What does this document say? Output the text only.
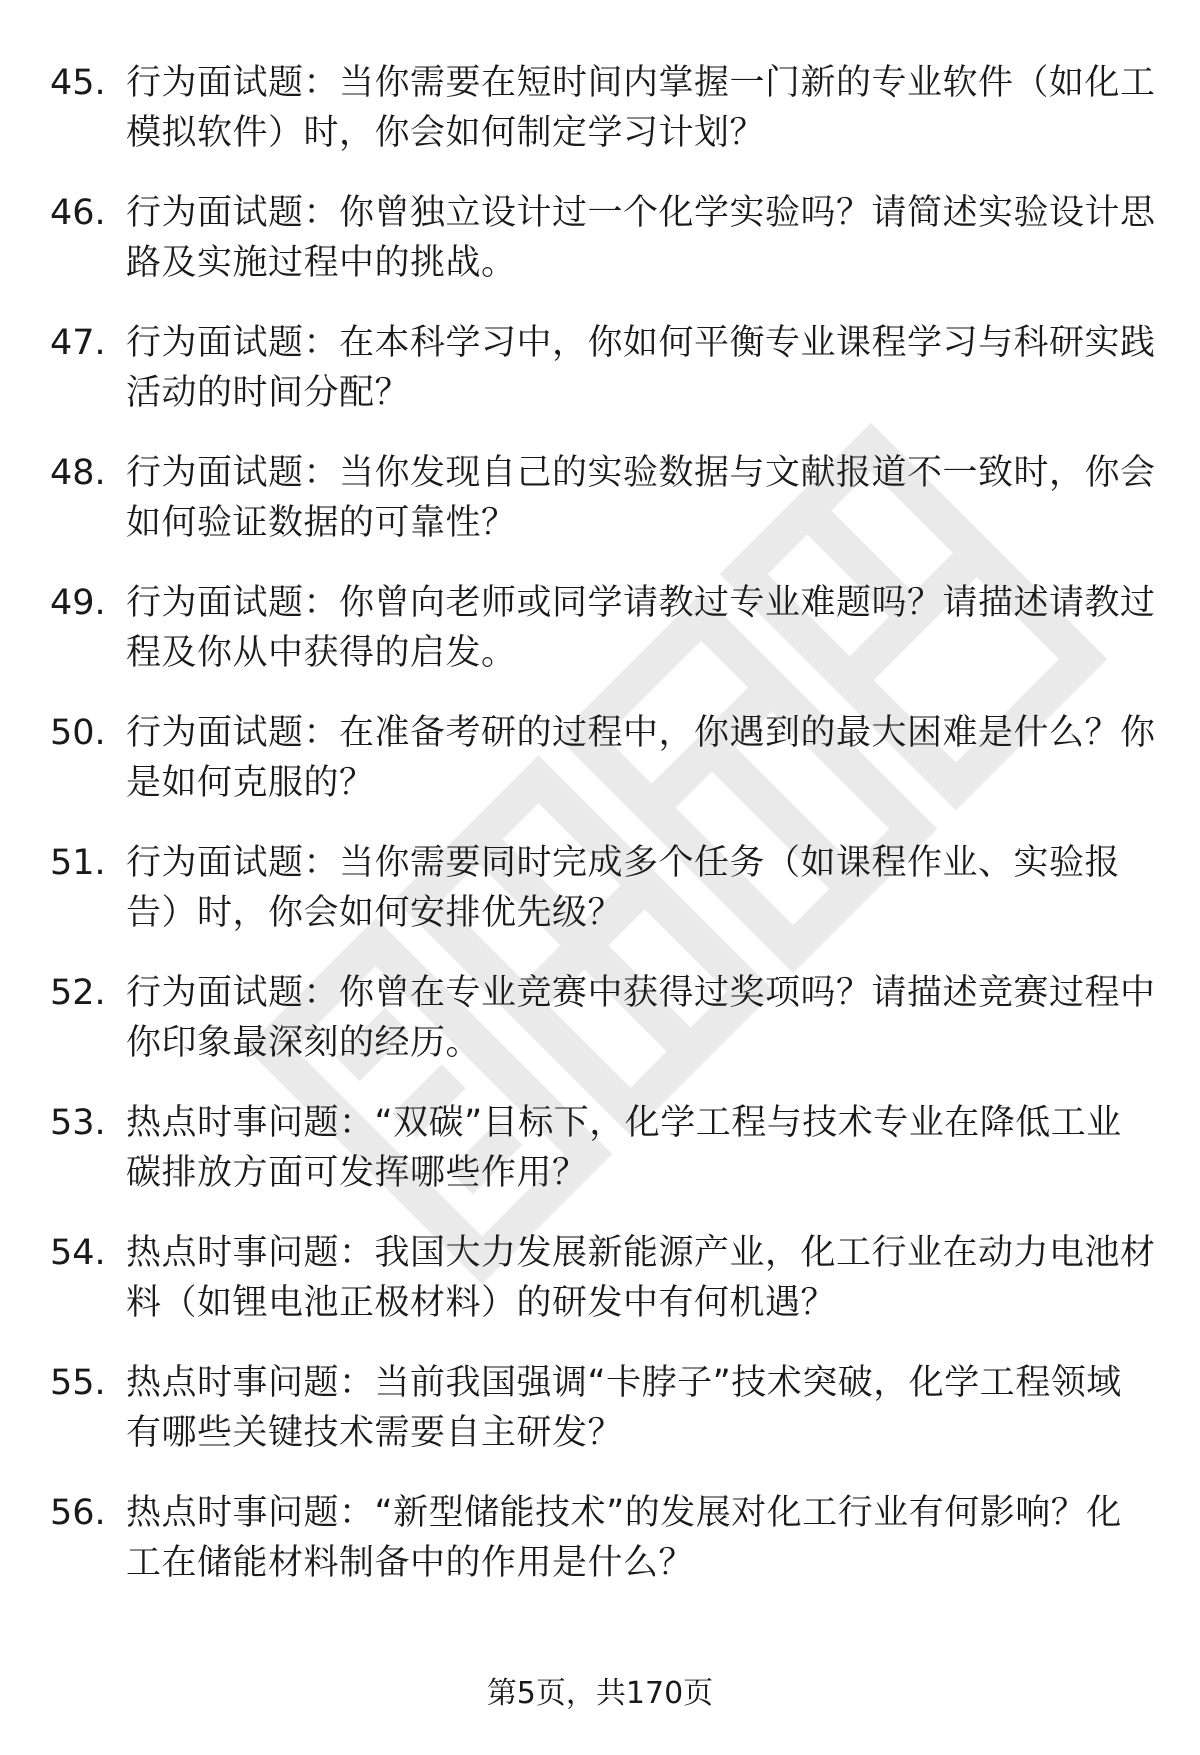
45. 行为面试题：当你需要在短时间内掌握一门新的专业软件（如化工模拟软件）时，你会如何制定学习计划？
46. 行为面试题：你曾独立设计过一个化学实验吗？请简述实验设计思路及实施过程中的挑战。
47. 行为面试题：在本科学习中，你如何平衡专业课程学习与科研实践活动的时间分配？
48. 行为面试题：当你发现自己的实验数据与文献报道不一致时，你会如何验证数据的可靠性？
49. 行为面试题：你曾向老师或同学请教过专业难题吗？请描述请教过程及你从中获得的启发。
50. 行为面试题：在准备考研的过程中，你遇到的最大困难是什么？你是如何克服的？
51. 行为面试题：当你需要同时完成多个任务（如课程作业、实验报告）时，你会如何安排优先级？
52. 行为面试题：你曾在专业竞赛中获得过奖项吗？请描述竞赛过程中你印象最深刻的经历。
53. 热点时事问题：“双碳”目标下，化学工程与技术专业在降低工业碳排放方面可发挥哪些作用？
54. 热点时事问题：我国大力发展新能源产业，化工行业在动力电池材料（如锂电池正极材料）的研发中有何机遇？
55. 热点时事问题：当前我国强调“卡脖子”技术突破，化学工程领域有哪些关键技术需要自主研发？
56. 热点时事问题：“新型储能技术”的发展对化工行业有何影响？化工在储能材料制备中的作用是什么？
第5页，共170页
